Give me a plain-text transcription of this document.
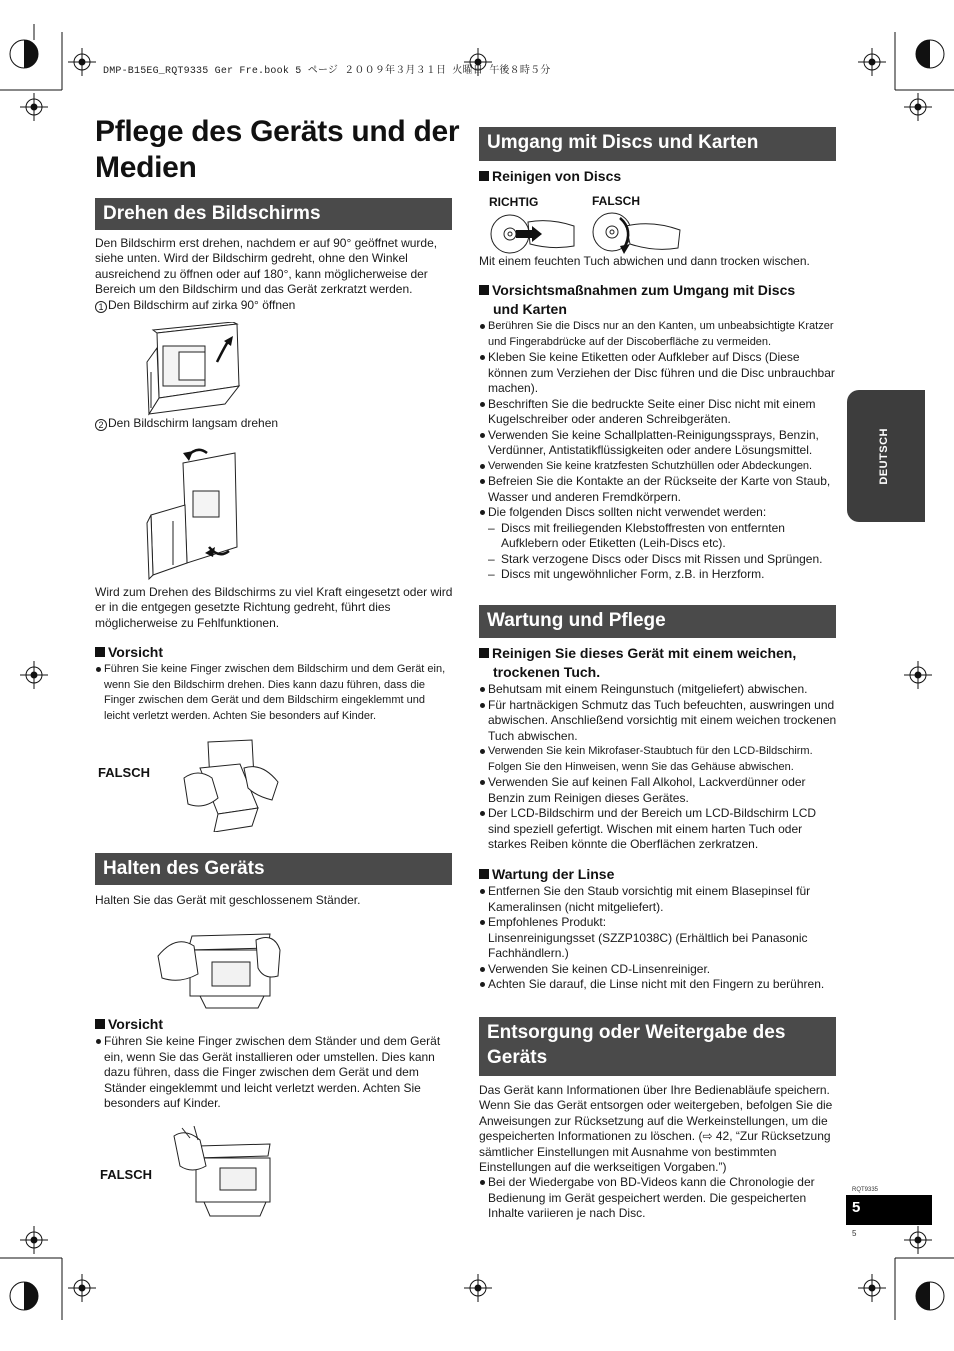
DMP-B15EG_RQT9335 Ger Fre.book 5 ページ ２００９年３月３１日 火曜日 午後８時５分
Pflege des Geräts und der Medien
Drehen des Bildschirms
Den Bildschirm erst drehen, nachdem er auf 90° geöffnet wurde, siehe unten. Wird der Bildschirm gedreht, ohne den Winkel ausreichend zu öffnen oder auf 180°, kann möglicherweise der Bereich um den Bildschirm und das Gerät zerkratzt werden.
1 Den Bildschirm auf zirka 90° öffnen
2 Den Bildschirm langsam drehen
Wird zum Drehen des Bildschirms zu viel Kraft eingesetzt oder wird er in die entgegen gesetzte Richtung gedreht, führt dies möglicherweise zu Fehlfunktionen.
Vorsicht
Führen Sie keine Finger zwischen dem Bildschirm und dem Gerät ein, wenn Sie den Bildschirm drehen. Dies kann dazu führen, dass die Finger zwischen dem Gerät und dem Bildschirm eingeklemmt und leicht verletzt werden. Achten Sie besonders auf Kinder.
FALSCH
Halten des Geräts
Halten Sie das Gerät mit geschlossenem Ständer.
Vorsicht
Führen Sie keine Finger zwischen dem Ständer und dem Gerät ein, wenn Sie das Gerät installieren oder umstellen. Dies kann dazu führen, dass die Finger zwischen dem Gerät und dem Ständer eingeklemmt und leicht verletzt werden. Achten Sie besonders auf Kinder.
FALSCH
Umgang mit Discs und Karten
Reinigen von Discs
RICHTIG	FALSCH
Mit einem feuchten Tuch abwichen und dann trocken wischen.
Vorsichtsmaßnahmen zum Umgang mit Discs und Karten
Berühren Sie die Discs nur an den Kanten, um unbeabsichtigte Kratzer und Fingerabdrücke auf der Discoberfläche zu vermeiden.
Kleben Sie keine Etiketten oder Aufkleber auf Discs (Diese können zum Verziehen der Disc führen und die Disc unbrauchbar machen).
Beschriften Sie die bedruckte Seite einer Disc nicht mit einem Kugelschreiber oder anderen Schreibgeräten.
Verwenden Sie keine Schallplatten-Reinigungssprays, Benzin, Verdünner, Antistatikflüssigkeiten oder andere Lösungsmittel.
Verwenden Sie keine kratzfesten Schutzhüllen oder Abdeckungen.
Befreien Sie die Kontakte an der Rückseite der Karte von Staub, Wasser und anderen Fremdkörpern.
Die folgenden Discs sollten nicht verwendet werden:
– Discs mit freiliegenden Klebstoffresten von entfernten Aufklebern oder Etiketten (Leih-Discs etc).
– Stark verzogene Discs oder Discs mit Rissen und Sprüngen.
– Discs mit ungewöhnlicher Form, z.B. in Herzform.
Wartung und Pflege
Reinigen Sie dieses Gerät mit einem weichen, trockenen Tuch.
Behutsam mit einem Reingunstuch (mitgeliefert) abwischen.
Für hartnäckigen Schmutz das Tuch befeuchten, auswringen und abwischen. Anschließend vorsichtig mit einem weichen trockenen Tuch abwischen.
Verwenden Sie kein Mikrofaser-Staubtuch für den LCD-Bildschirm. Folgen Sie den Hinweisen, wenn Sie das Gehäuse abwischen.
Verwenden Sie auf keinen Fall Alkohol, Lackverdünner oder Benzin zum Reinigen dieses Gerätes.
Der LCD-Bildschirm und der Bereich um LCD-Bildschirm LCD sind speziell gefertigt. Wischen mit einem harten Tuch oder starkes Reiben könnte die Oberflächen zerkratzen.
Wartung der Linse
Entfernen Sie den Staub vorsichtig mit einem Blasepinsel für Kameralinsen (nicht mitgeliefert).
Empfohlenes Produkt:
Linsenreinigungsset (SZZP1038C) (Erhältlich bei Panasonic Fachhändlern.)
Verwenden Sie keinen CD-Linsenreiniger.
Achten Sie darauf, die Linse nicht mit den Fingern zu berühren.
Entsorgung oder Weitergabe des Geräts
Das Gerät kann Informationen über Ihre Bedienabläufe speichern. Wenn Sie das Gerät entsorgen oder weitergeben, befolgen Sie die Anweisungen zur Rücksetzung auf die Werkeinstellungen, um die gespeicherten Informationen zu löschen. (⇨ 42, “Zur Rücksetzung sämtlicher Einstellungen mit Ausnahme von bestimmten Einstellungen auf die werkseitigen Vorgaben.”)
Bei der Wiedergabe von BD-Videos kann die Chronologie der Bedienung im Gerät gespeichert werden. Die gespeicherten Inhalte variieren je nach Disc.
DEUTSCH
RQT9335
5
5
